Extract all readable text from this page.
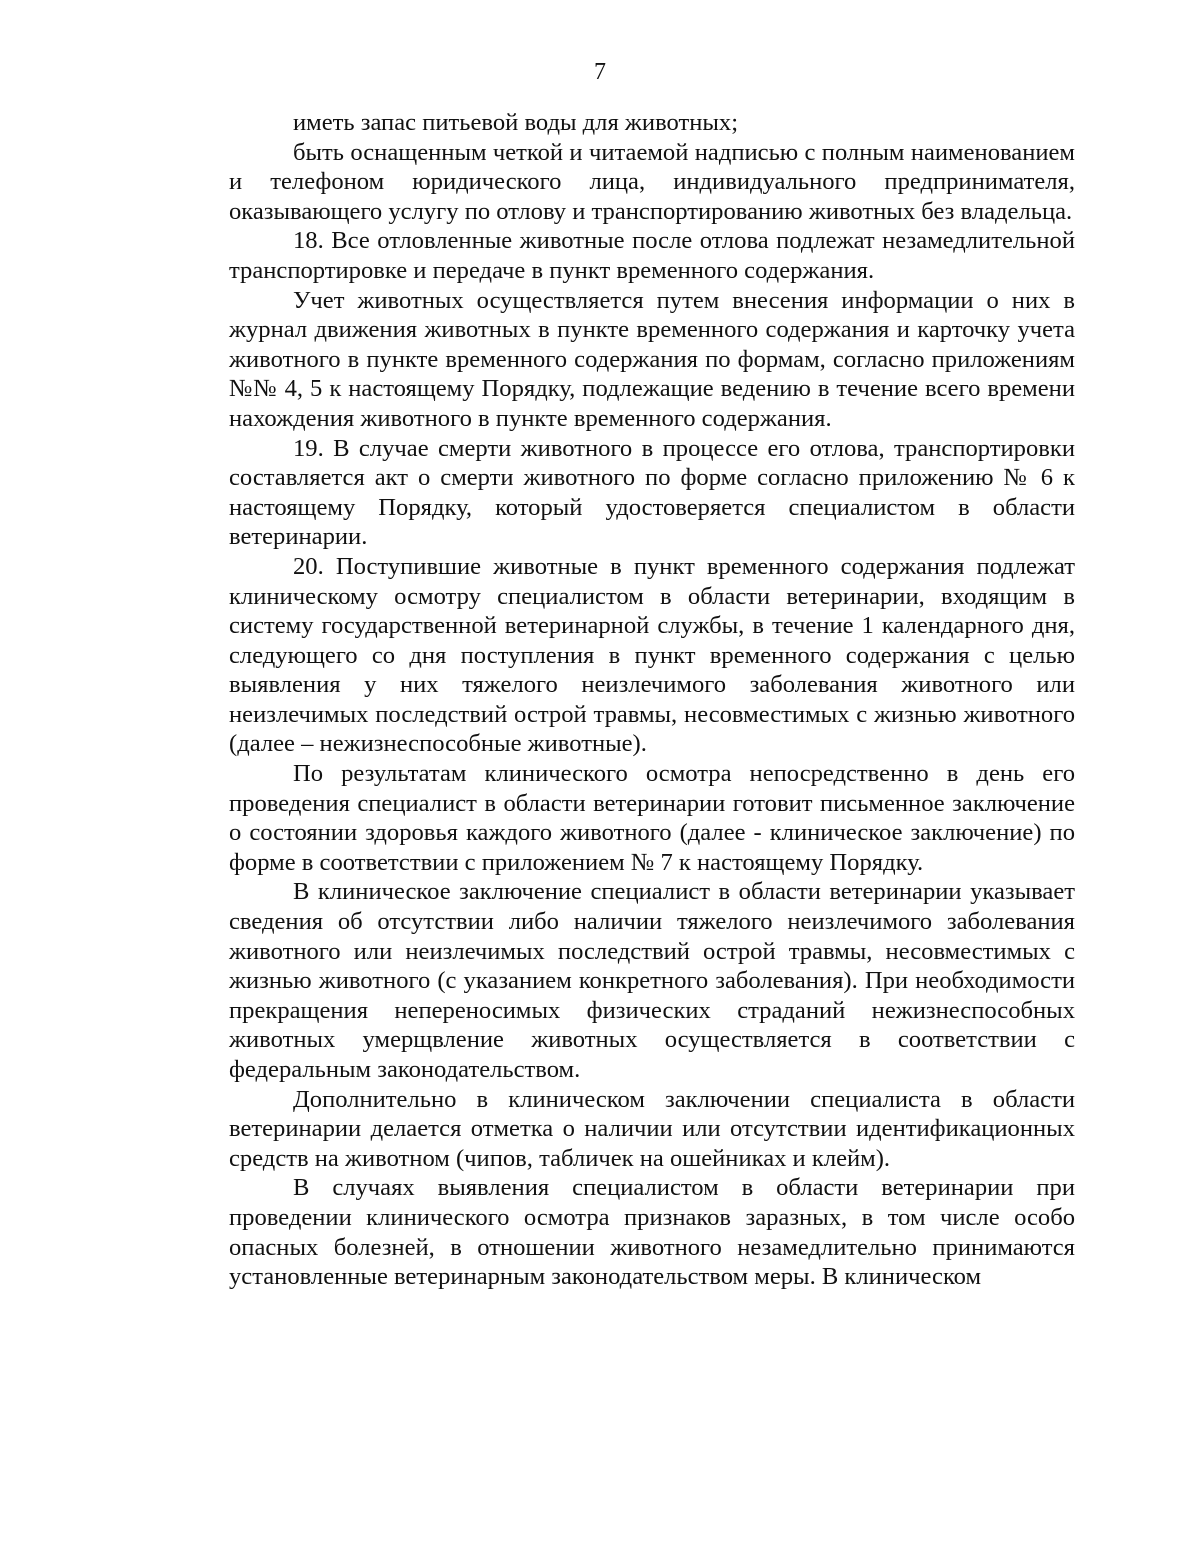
7

иметь запас питьевой воды для животных;

быть оснащенным четкой и читаемой надписью с полным наименованием и телефоном юридического лица, индивидуального предпринимателя, оказывающего услугу по отлову и транспортированию животных без владельца.

18. Все отловленные животные после отлова подлежат незамедлительной транспортировке и передаче в пункт временного содержания.

Учет животных осуществляется путем внесения информации о них в журнал движения животных в пункте временного содержания и карточку учета животного в пункте временного содержания по формам, согласно приложениям №№ 4, 5 к настоящему Порядку, подлежащие ведению в течение всего времени нахождения животного в пункте временного содержания.

19. В случае смерти животного в процессе его отлова, транспортировки составляется акт о смерти животного по форме согласно приложению № 6 к настоящему Порядку, который удостоверяется специалистом в области ветеринарии.

20. Поступившие животные в пункт временного содержания подлежат клиническому осмотру специалистом в области ветеринарии, входящим в систему государственной ветеринарной службы, в течение 1 календарного дня, следующего со дня поступления в пункт временного содержания с целью выявления у них тяжелого неизлечимого заболевания животного или неизлечимых последствий острой травмы, несовместимых с жизнью животного (далее – нежизнеспособные животные).

По результатам клинического осмотра непосредственно в день его проведения специалист в области ветеринарии готовит письменное заключение о состоянии здоровья каждого животного (далее - клиническое заключение) по форме в соответствии с приложением № 7 к настоящему Порядку.

В клиническое заключение специалист в области ветеринарии указывает сведения об отсутствии либо наличии тяжелого неизлечимого заболевания животного или неизлечимых последствий острой травмы, несовместимых с жизнью животного (с указанием конкретного заболевания). При необходимости прекращения непереносимых физических страданий нежизнеспособных животных умерщвление животных осуществляется в соответствии с федеральным законодательством.

Дополнительно в клиническом заключении специалиста в области ветеринарии делается отметка о наличии или отсутствии идентификационных средств на животном (чипов, табличек на ошейниках и клейм).

В случаях выявления специалистом в области ветеринарии при проведении клинического осмотра признаков заразных, в том числе особо опасных болезней, в отношении животного незамедлительно принимаются установленные ветеринарным законодательством меры. В клиническом
